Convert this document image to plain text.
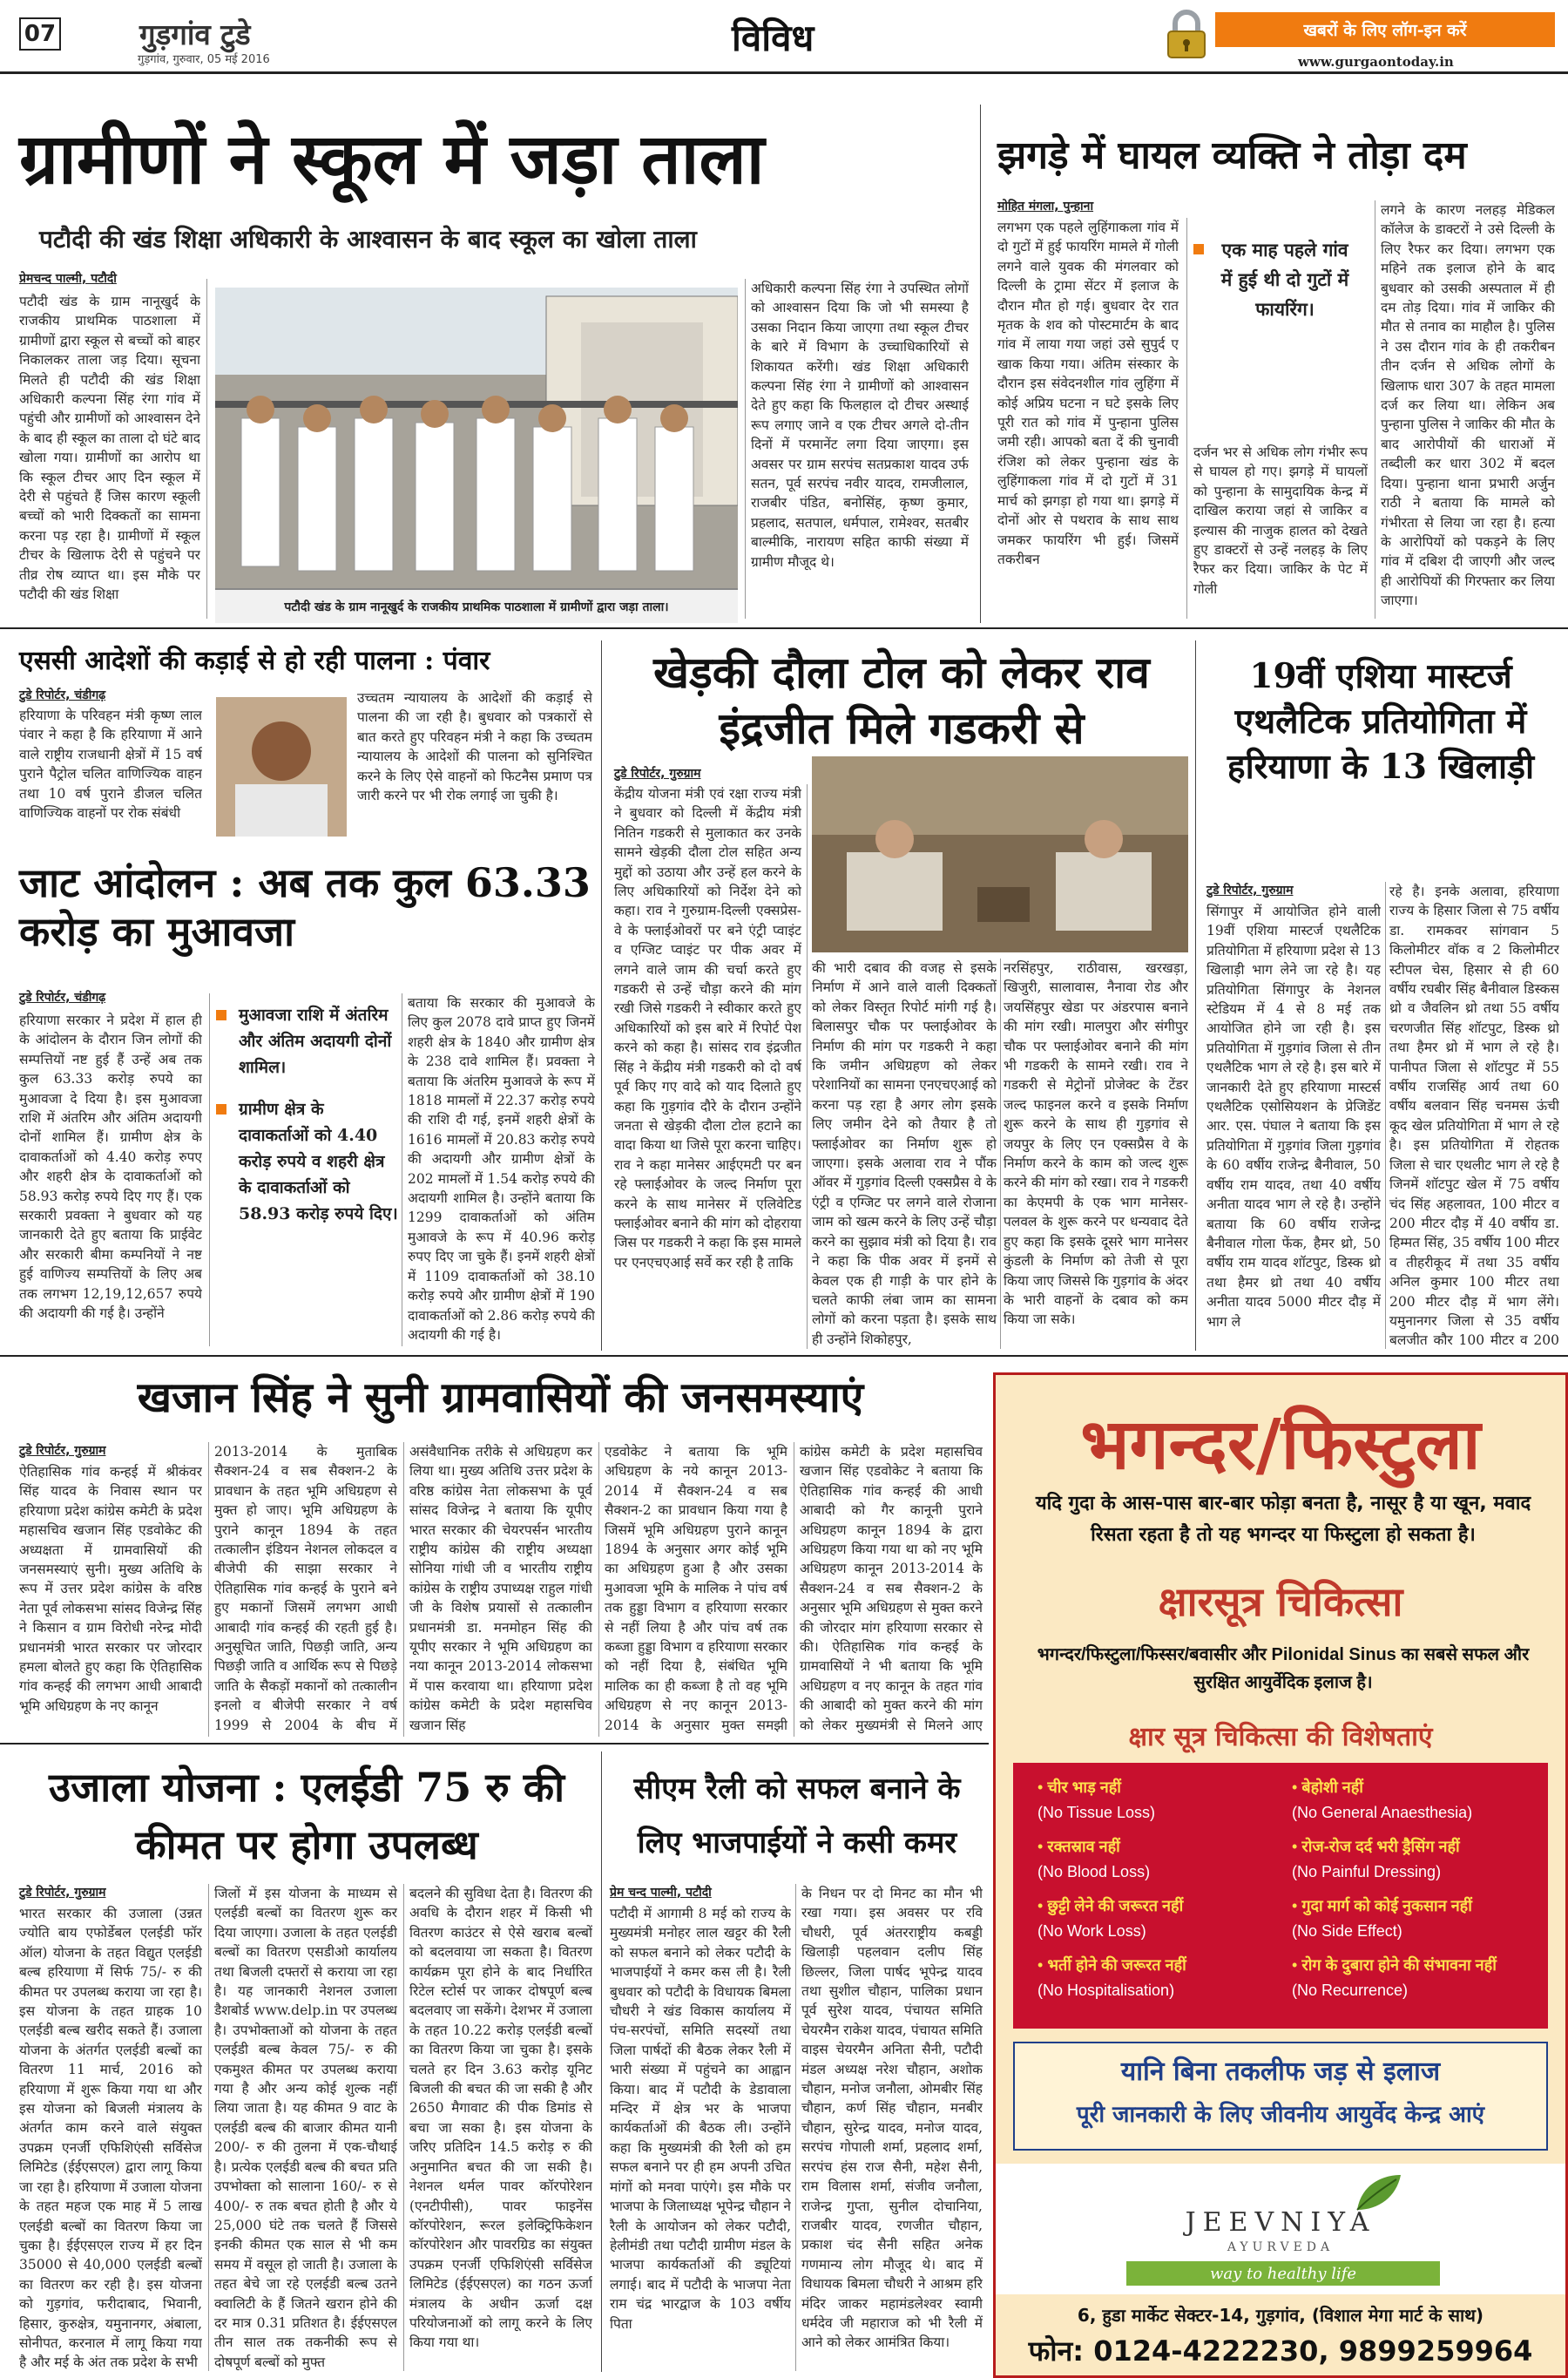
07	गुड़गांव टुडे
गुड़गांव, गुरुवार, 05 मई 2016
विविध	खबरों के लिए लॉग-इन करें
www.gurgaontoday.in
ग्रामीणों ने स्कूल में जड़ा ताला
पटौदी की खंड शिक्षा अधिकारी के आश्वासन के बाद स्कूल का खोला ताला
प्रेमचन्द पाल्मी, पटौदी
पटौदी खंड के ग्राम नानूखुर्द के राजकीय प्राथमिक पाठशाला में ग्रामीणों द्वारा स्कूल से बच्चों को बाहर निकालकर ताला जड़ दिया। सूचना मिलते ही पटौदी की खंड शिक्षा अधिकारी कल्पना सिंह रंगा गांव में पहुंची और ग्रामीणों को आश्वासन देने के बाद ही स्कूल का ताला दो घंटे बाद खोला गया। ग्रामीणों का आरोप था कि स्कूल टीचर आए दिन स्कूल में देरी से पहुंचते हैं जिस कारण स्कूली बच्चों को भारी दिक्कतों का सामना करना पड़ रहा है। ग्रामीणों में स्कूल टीचर के खिलाफ देरी से पहुंचने पर तीव्र रोष व्याप्त था। इस मौके पर पटौदी की खंड शिक्षा
पटौदी खंड के ग्राम नानूखुर्द के राजकीय प्राथमिक पाठशाला में ग्रामीणों द्वारा जड़ा ताला।
अधिकारी कल्पना सिंह रंगा ने उपस्थित लोगों को आश्वासन दिया कि जो भी समस्या है उसका निदान किया जाएगा तथा स्कूल टीचर के बारे में विभाग के उच्चाधिकारियों से शिकायत करेंगी। खंड शिक्षा अधिकारी कल्पना सिंह रंगा ने ग्रामीणों को आश्वासन देते हुए कहा कि फिलहाल दो टीचर अस्थाई रूप लगाए जाने व एक टीचर अगले दो-तीन दिनों में परमानेंट लगा दिया जाएगा। इस अवसर पर ग्राम सरपंच सतप्रकाश यादव उर्फ सतन, पूर्व सरपंच नवीर यादव, रामजीलाल, राजबीर पंडित, बनोसिंह, कृष्ण कुमार, प्रहलाद, सतपाल, धर्मपाल, रामेश्वर, सतबीर बाल्मीकि, नारायण सहित काफी संख्या में ग्रामीण मौजूद थे।
झगड़े में घायल व्यक्ति ने तोड़ा दम
मोहित मंगला, पुन्हाना
लगभग एक पहले लुहिंगाकला गांव में दो गुटों में हुई फायरिंग मामले में गोली लगने वाले युवक की मंगलवार को दिल्ली के ट्रामा सेंटर में इलाज के दौरान मौत हो गई। बुधवार देर रात मृतक के शव को पोस्टमार्टम के बाद गांव में लाया गया जहां उसे सुपुर्द ए खाक किया गया। अंतिम संस्कार के दौरान इस संवेदनशील गांव लुहिंगा में कोई अप्रिय घटना न घटे इसके लिए पूरी रात को गांव में पुन्हाना पुलिस जमी रही। आपको बता दें की चुनावी रंजिश को लेकर पुन्हाना खंड के लुहिंगाकला गांव में दो गुटों में 31 मार्च को झगड़ा हो गया था। झगड़े में दोनों ओर से पथराव के साथ साथ जमकर फायरिंग भी हुई। जिसमें तकरीबन
एक माह पहले गांव में हुई थी दो गुटों में फायरिंग।
दर्जन भर से अधिक लोग गंभीर रूप से घायल हो गए। झगड़े में घायलों को पुन्हाना के सामुदायिक केन्द्र में दाखिल कराया जहां से जाकिर व इल्यास की नाजुक हालत को देखते हुए डाक्टरों से उन्हें नलहड़ के लिए रैफर कर दिया। जाकिर के पेट में गोली
लगने के कारण नलहड़ मेडिकल कॉलेज के डाक्टरों ने उसे दिल्ली के लिए रैफर कर दिया। लगभग एक महिने तक इलाज होने के बाद बुधवार को उसकी अस्पताल में ही दम तोड़ दिया। गांव में जाकिर की मौत से तनाव का माहौल है। पुलिस ने उस दौरान गांव के ही तकरीबन तीन दर्जन से अधिक लोगों के खिलाफ धारा 307 के तहत मामला दर्ज कर लिया था। लेकिन अब पुन्हाना पुलिस ने जाकिर की मौत के बाद आरोपीयों की धाराओं में तब्दीली कर धारा 302 में बदल दिया। पुन्हाना थाना प्रभारी अर्जुन राठी ने बताया कि मामले को गंभीरता से लिया जा रहा है। हत्या के आरोपियों को पकड़ने के लिए गांव में दबिश दी जाएगी और जल्द ही आरोपियों की गिरफ्तार कर लिया जाएगा।
एससी आदेशों की कड़ाई से हो रही पालना : पंवार
टुडे रिपोर्टर, चंडीगढ़
हरियाणा के परिवहन मंत्री कृष्ण लाल पंवार ने कहा है कि हरियाणा में आने वाले राष्ट्रीय राजधानी क्षेत्रों में 15 वर्ष पुराने पैट्रोल चलित वाणिज्यिक वाहन तथा 10 वर्ष पुराने डीजल चलित वाणिज्यिक वाहनों पर रोक संबंधी
उच्चतम न्यायालय के आदेशों की कड़ाई से पालना की जा रही है। बुधवार को पत्रकारों से बात करते हुए परिवहन मंत्री ने कहा कि उच्चतम न्यायालय के आदेशों की पालना को सुनिश्चित करने के लिए ऐसे वाहनों को फिटनैस प्रमाण पत्र जारी करने पर भी रोक लगाई जा चुकी है।
जाट आंदोलन : अब तक कुल 63.33 करोड़ का मुआवजा
टुडे रिपोर्टर, चंडीगढ़
हरियाणा सरकार ने प्रदेश में हाल ही के आंदोलन के दौरान जिन लोगों की सम्पत्तियों नष्ट हुई हैं उन्हें अब तक कुल 63.33 करोड़ रुपये का मुआवजा दे दिया है। इस मुआवजा राशि में अंतरिम और अंतिम अदायगी दोनों शामिल हैं। ग्रामीण क्षेत्र के दावाकर्ताओं को 4.40 करोड़ रुपए और शहरी क्षेत्र के दावाकर्ताओं को 58.93 करोड़ रुपये दिए गए हैं। एक सरकारी प्रवक्ता ने बुधवार को यह जानकारी देते हुए बताया कि प्राईवेट और सरकारी बीमा कम्पनियों ने नष्ट हुई वाणिज्य सम्पत्तियों के लिए अब तक लगभग 12,19,12,657 रुपये की अदायगी की गई है। उन्होंने
मुआवजा राशि में अंतरिम और अंतिम अदायगी दोनों शामिल।
ग्रामीण क्षेत्र के दावाकर्ताओं को 4.40 करोड़ रुपये व शहरी क्षेत्र के दावाकर्ताओं को 58.93 करोड़ रुपये दिए।
बताया कि सरकार की मुआवजे के लिए कुल 2078 दावे प्राप्त हुए जिनमें शहरी क्षेत्र के 1840 और ग्रामीण क्षेत्र के 238 दावे शामिल हैं। प्रवक्ता ने बताया कि अंतरिम मुआवजे के रूप में 1818 मामलों में 22.37 करोड़ रुपये की राशि दी गई, इनमें शहरी क्षेत्रों के 1616 मामलों में 20.83 करोड़ रुपये की अदायगी और ग्रामीण क्षेत्रों के 202 मामलों में 1.54 करोड़ रुपये की अदायगी शामिल है। उन्होंने बताया कि 1299 दावाकर्ताओं को अंतिम मुआवजे के रूप में 40.96 करोड़ रुपए दिए जा चुके हैं। इनमें शहरी क्षेत्रों में 1109 दावाकर्ताओं को 38.10 करोड़ रुपये और ग्रामीण क्षेत्रों में 190 दावाकर्ताओं को 2.86 करोड़ रुपये की अदायगी की गई है।
खेड़की दौला टोल को लेकर राव इंद्रजीत मिले गडकरी से
टुडे रिपोर्टर, गुरुग्राम
केंद्रीय योजना मंत्री एवं रक्षा राज्य मंत्री ने बुधवार को दिल्ली में केंद्रीय मंत्री नितिन गडकरी से मुलाकात कर उनके सामने खेड़की दौला टोल सहित अन्य मुद्दों को उठाया और उन्हें हल करने के लिए अधिकारियों को निर्देश देने को कहा। राव ने गुरुग्राम-दिल्ली एक्सप्रेस-वे के फ्लाईओवरों पर बने एंट्री प्वाइंट व एग्जिट प्वाइंट पर पीक अवर में लगने वाले जाम की चर्चा करते हुए गडकरी से उन्हें चौड़ा करने की मांग रखी जिसे गडकरी ने स्वीकार करते हुए अधिकारियों को इस बारे में रिपोर्ट पेश करने को कहा है। सांसद राव इंद्रजीत सिंह ने केंद्रीय मंत्री गडकरी को दो वर्ष पूर्व किए गए वादे को याद दिलाते हुए कहा कि गुड़गांव दौरे के दौरान उन्होंने जनता से खेड़की दौला टोल हटाने का वादा किया था जिसे पूरा करना चाहिए। राव ने कहा मानेसर आईएमटी पर बन रहे फ्लाईओवर के जल्द निर्माण पूरा करने के साथ मानेसर में एलिवेटिड फ्लाईओवर बनाने की मांग को दोहराया जिस पर गडकरी ने कहा कि इस मामले पर एनएचएआई सर्वे कर रही है ताकि
की भारी दबाव की वजह से इसके निर्माण में आने वाले वाली दिक्कतों को लेकर विस्तृत रिपोर्ट मांगी गई है। बिलासपुर चौक पर फ्लाईओवर के निर्माण की मांग पर गडकरी ने कहा कि जमीन अधिग्रहण को लेकर परेशानियों का सामना एनएचएआई को करना पड़ रहा है अगर लोग इसके लिए जमीन देने को तैयार है तो फ्लाईओवर का निर्माण शुरू हो जाएगा। इसके अलावा राव ने पौंक ऑवर में गुड़गांव दिल्ली एक्सप्रैस वे के एंट्री व एग्जिट पर लगने वाले रोजाना जाम को खत्म करने के लिए उन्हें चौड़ा करने का सुझाव मंत्री को दिया है। राव ने कहा कि पीक अवर में इनमें से केवल एक ही गाड़ी के पार होने के चलते काफी लंबा जाम का सामना लोगों को करना पड़ता है। इसके साथ ही उन्होंने शिकोहपुर,
नरसिंहपुर, राठीवास, खरखड़ा, खिजुरी, सालावास, नैनावा रोड और जयसिंहपुर खेडा पर अंडरपास बनाने की मांग रखी। मालपुरा और संगीपुर चौक पर फ्लाईओवर बनाने की मांग भी गडकरी के सामने रखी। राव ने गडकरी से मेट्रोनों प्रोजेक्ट के टेंडर जल्द फाइनल करने व इसके निर्माण शुरू करने के साथ ही गुड़गांव से जयपुर के लिए एन एक्सप्रैस वे के निर्माण करने के काम को जल्द शुरू करने की मांग को रखा। राव ने गडकरी का केएमपी के एक भाग मानेसर-पलवल के शुरू करने पर धन्यवाद देते हुए कहा कि इसके दूसरे भाग मानेसर कुंडली के निर्माण को तेजी से पूरा किया जाए जिससे कि गुड़गांव के अंदर के भारी वाहनों के दबाव को कम किया जा सके।
19वीं एशिया मास्टर्ज एथलैटिक प्रतियोगिता में हरियाणा के 13 खिलाड़ी
टुडे रिपोर्टर, गुरुग्राम
सिंगापुर में आयोजित होने वाली 19वीं एशिया मास्टर्ज एथलैटिक प्रतियोगिता में हरियाणा प्रदेश से 13 खिलाड़ी भाग लेने जा रहे है। यह प्रतियोगिता सिंगापुर के नेशनल स्टेडियम में 4 से 8 मई तक आयोजित होने जा रही है। इस प्रतियोगिता में गुड़गांव जिला से तीन एथलैटिक भाग ले रहे है। इस बारे में जानकारी देते हुए हरियाणा मास्टर्स एथलैटिक एसोसियशन के प्रेजिडेंट आर. एस. पंघाल ने बताया कि इस प्रतियोगिता में गुड़गांव जिला गुड़गांव के 60 वर्षीय राजेन्द्र बैनीवाल, 50 वर्षीय राम यादव, तथा 40 वर्षीय अनीता यादव भाग ले रहे है। उन्होंने बताया कि 60 वर्षीय राजेन्द्र बैनीवाल गोला फेंक, हैमर थ्रो, 50 वर्षीय राम यादव शॉटपुट, डिस्क थ्रो तथा हैमर थ्रो तथा 40 वर्षीय अनीता यादव 5000 मीटर दौड़ में भाग ले
रहे है। इनके अलावा, हरियाणा राज्य के हिसार जिला से 75 वर्षीय डा. रामकवर सांगवान 5 किलोमीटर वॉक व 2 किलोमीटर स्टीपल चेस, हिसार से ही 60 वर्षीय रघबीर सिंह बैनीवाल डिस्कस थ्रो व जैवलिन थ्रो तथा 55 वर्षीय चरणजीत सिंह शॉटपुट, डिस्क थ्रो तथा हैमर थ्रो में भाग ले रहे है। पानीपत जिला से शॉटपुट में 55 वर्षीय राजसिंह आर्य तथा 60 वर्षीय बलवान सिंह चनमस ऊंची कूद खेल प्रतियोगिता में भाग ले रहे है। इस प्रतियोगिता में रोहतक जिला से चार एथलीट भाग ले रहे है जिनमें शॉटपुट खेल में 75 वर्षीय चंद सिंह अहलावत, 100 मीटर व 200 मीटर दौड़ में 40 वर्षीय डा. हिम्मत सिंह, 35 वर्षीय 100 मीटर व तीहरीकूद में तथा 35 वर्षीय अनिल कुमार 100 मीटर तथा 200 मीटर दौड़ में भाग लेंगे। यमुनानगर जिला से 35 वर्षीय बलजीत कौर 100 मीटर व 200
खजान सिंह ने सुनी ग्रामवासियों की जनसमस्याएं
टुडे रिपोर्टर, गुरुग्राम
ऐतिहासिक गांव कन्हई में श्रीकंवर सिंह यादव के निवास स्थान पर हरियाणा प्रदेश कांग्रेस कमेटी के प्रदेश महासचिव खजान सिंह एडवोकेट की अध्यक्षता में ग्रामवासियों की जनसमस्याएं सुनी। मुख्य अतिथि के रूप में उत्तर प्रदेश कांग्रेस के वरिष्ठ नेता पूर्व लोकसभा सांसद विजेन्द्र सिंह ने किसान व ग्राम विरोधी नरेन्द्र मोदी प्रधानमंत्री भारत सरकार पर जोरदार हमला बोलते हुए कहा कि ऐतिहासिक गांव कन्हई की लगभग आधी आबादी भूमि अधिग्रहण के नए कानून
2013-2014 के मुताबिक सैक्शन-24 व सब सैक्शन-2 के प्रावधान के तहत भूमि अधिग्रहण से मुक्त हो जाए। भूमि अधिग्रहण के पुराने कानून 1894 के तहत तत्कालीन इंडियन नेशनल लोकदल व बीजेपी की साझा सरकार ने ऐतिहासिक गांव कन्हई के पुराने बने हुए मकानों जिसमें लगभग आधी आबादी गांव कन्हई की रहती हुई है। अनुसूचित जाति, पिछड़ी जाति, अन्य पिछड़ी जाति व आर्थिक रूप से पिछड़े जाति के सैकड़ों मकानों को तत्कालीन इनलो व बीजेपी सरकार ने वर्ष 1999 से 2004 के बीच में
असंवैधानिक तरीके से अधिग्रहण कर लिया था। मुख्य अतिथि उत्तर प्रदेश के वरिष्ठ कांग्रेस नेता लोकसभा के पूर्व सांसद विजेन्द्र ने बताया कि यूपीए भारत सरकार की चेयरपर्सन भारतीय राष्ट्रीय कांग्रेस की राष्ट्रीय अध्यक्षा सोनिया गांधी जी व भारतीय राष्ट्रीय कांग्रेस के राष्ट्रीय उपाध्यक्ष राहुल गांधी जी के विशेष प्रयासों से तत्कालीन प्रधानमंत्री डा. मनमोहन सिंह की यूपीए सरकार ने भूमि अधिग्रहण का नया कानून 2013-2014 लोकसभा में पास करवाया था। हरियाणा प्रदेश कांग्रेस कमेटी के प्रदेश महासचिव खजान सिंह
एडवोकेट ने बताया कि भूमि अधिग्रहण के नये कानून 2013-2014 में सैक्शन-24 व सब सैक्शन-2 का प्रावधान किया गया है जिसमें भूमि अधिग्रहण पुराने कानून 1894 के अनुसार अगर कोई भूमि का अधिग्रहण हुआ है और उसका मुआवजा भूमि के मालिक ने पांच वर्ष तक हुड्डा विभाग व हरियाणा सरकार से नहीं लिया है और पांच वर्ष तक कब्जा हुड्डा विभाग व हरियाणा सरकार को नहीं दिया है, संबंधित भूमि मालिक का ही कब्जा है तो वह भूमि अधिग्रहण से नए कानून 2013-2014 के अनुसार मुक्त समझी
कांग्रेस कमेटी के प्रदेश महासचिव खजान सिंह एडवोकेट ने बताया कि ऐतिहासिक गांव कन्हई की आधी आबादी को गैर कानूनी पुराने अधिग्रहण कानून 1894 के द्वारा अधिग्रहण किया गया था को नए भूमि अधिग्रहण कानून 2013-2014 के सैक्शन-24 व सब सैक्शन-2 के अनुसार भूमि अधिग्रहण से मुक्त करने की जोरदार मांग हरियाणा सरकार से की। ऐतिहासिक गांव कन्हई के ग्रामवासियों ने भी बताया कि भूमि अधिग्रहण व नए कानून के तहत गांव की आबादी को मुक्त करने की मांग को लेकर मुख्यमंत्री से मिलने आए
उजाला योजना : एलईडी 75 रु की कीमत पर होगा उपलब्ध
टुडे रिपोर्टर, गुरुग्राम
भारत सरकार की उजाला (उन्नत ज्योति बाय एफोर्डेबल एलईडी फॉर ऑल) योजना के तहत विद्युत एलईडी बल्ब हरियाणा में सिर्फ 75/- रु की कीमत पर उपलब्ध कराया जा रहा है। इस योजना के तहत ग्राहक 10 एलईडी बल्ब खरीद सकते हैं। उजाला योजना के अंतर्गत एलईडी बल्बों का वितरण 11 मार्च, 2016 को हरियाणा में शुरू किया गया था और इस योजना को बिजली मंत्रालय के अंतर्गत काम करने वाले संयुक्त उपक्रम एनर्जी एफिशिएंसी सर्विसेज लिमिटेड (ईईएसएल) द्वारा लागू किया जा रहा है। हरियाणा में उजाला योजना के तहत महज एक माह में 5 लाख एलईडी बल्बों का वितरण किया जा चुका है। ईईएसएल राज्य में हर दिन 35000 से 40,000 एलईडी बल्बों का वितरण कर रही है। इस योजना को गुड़गांव, फरीदाबाद, भिवानी, हिसार, कुरुक्षेत्र, यमुनानगर, अंबाला, सोनीपत, करनाल में लागू किया गया है और मई के अंत तक प्रदेश के सभी
जिलों में इस योजना के माध्यम से एलईडी बल्बों का वितरण शुरू कर दिया जाएगा। उजाला के तहत एलईडी बल्बों का वितरण एसडीओ कार्यालय तथा बिजली दफ्तरों से कराया जा रहा है। यह जानकारी नेशनल उजाला डैशबोर्ड www.delp.in पर उपलब्ध है। उपभोक्ताओं को योजना के तहत एलईडी बल्ब केवल 75/- रु की एकमुश्त कीमत पर उपलब्ध कराया गया है और अन्य कोई शुल्क नहीं लिया जाता है। यह कीमत 9 वाट के एलईडी बल्ब की बाजार कीमत यानी 200/- रु की तुलना में एक-चौथाई है। प्रत्येक एलईडी बल्ब की बचत प्रति उपभोक्ता को सालाना 160/- रु से 400/- रु तक बचत होती है और ये 25,000 घंटे तक चलते हैं जिससे इनकी कीमत एक साल से भी कम समय में वसूल हो जाती है। उजाला के तहत बेचे जा रहे एलईडी बल्ब उतने क्वालिटी के हैं जितने खरान होने की दर मात्र 0.31 प्रतिशत है। ईईएसएल तीन साल तक तकनीकी रूप से दोषपूर्ण बल्बों को मुफ्त
बदलने की सुविधा देता है। वितरण की अवधि के दौरान शहर में किसी भी वितरण काउंटर से ऐसे खराब बल्बों को बदलवाया जा सकता है। वितरण कार्यक्रम पूरा होने के बाद निर्धारित रिटेल स्टोर्स पर जाकर दोषपूर्ण बल्ब बदलवाए जा सकेंगे। देशभर में उजाला के तहत 10.22 करोड़ एलईडी बल्बों का वितरण किया जा चुका है। इसके चलते हर दिन 3.63 करोड़ यूनिट बिजली की बचत की जा सकी है और 2650 मैगावाट की पीक डिमांड से बचा जा सका है। इस योजना के जरिए प्रतिदिन 14.5 करोड़ रु की अनुमानित बचत की जा सकी है। नेशनल थर्मल पावर कॉरपोरेशन (एनटीपीसी), पावर फाइनेंस कॉरपोरेशन, रूरल इलेक्ट्रिफिकेशन कॉरपोरेशन और पावरग्रिड का संयुक्त उपक्रम एनर्जी एफिशिएंसी सर्विसेज लिमिटेड (ईईएसएल) का गठन ऊर्जा मंत्रालय के अधीन ऊर्जा दक्ष परियोजनाओं को लागू करने के लिए किया गया था।
सीएम रैली को सफल बनाने के लिए भाजपाईयों ने कसी कमर
प्रेम चन्द पाल्मी, पटौदी
पटौदी में आगामी 8 मई को राज्य के मुख्यमंत्री मनोहर लाल खट्टर की रैली को सफल बनाने को लेकर पटौदी के भाजपाईयों ने कमर कस ली है। रैली बुधवार को पटौदी के विधायक बिमला चौधरी ने खंड विकास कार्यालय में पंच-सरपंचों, समिति सदस्यों तथा जिला पार्षदों की बैठक लेकर रैली में भारी संख्या में पहुंचने का आह्वान किया। बाद में पटौदी के डेडावाला मन्दिर में क्षेत्र भर के भाजपा कार्यकर्ताओं की बैठक ली। उन्होंने कहा कि मुख्यमंत्री की रैली को हम सफल बनाने पर ही हम अपनी उचित मांगों को मनवा पाएंगे। इस मौके पर भाजपा के जिलाध्यक्ष भूपेन्द्र चौहान ने रैली के आयोजन को लेकर पटौदी, हेलीमंडी तथा पटौदी ग्रामीण मंडल के भाजपा कार्यकर्ताओं की ड्यूटियां लगाई। बाद में पटौदी के भाजपा नेता राम चंद्र भारद्वाज के 103 वर्षीय पिता
के निधन पर दो मिनट का मौन भी रखा गया। इस अवसर पर रवि चौधरी, पूर्व अंतरराष्ट्रीय कबड्डी खिलाड़ी पहलवान दलीप सिंह छिल्लर, जिला पार्षद भूपेन्द्र यादव तथा सुशील चौहान, पालिका प्रधान पूर्व सुरेश यादव, पंचायत समिति चेयरमैन राकेश यादव, पंचायत समिति वाइस चेयरमैन अनिता सैनी, पटौदी मंडल अध्यक्ष नरेश चौहान, अशोक चौहान, मनोज जनौला, ओमबीर सिंह चौहान, कर्ण सिंह चौहान, मनबीर चौहान, सुरेन्द्र यादव, मनोज यादव, सरपंच गोपाली शर्मा, प्रहलाद शर्मा, सरपंच हंस राज सैनी, महेश सैनी, राम विलास शर्मा, संजीव जनौला, राजेन्द्र गुप्ता, सुनील दोचानिया, राजबीर यादव, रणजीत चौहान, प्रकाश चंद सैनी सहित अनेक गणमान्य लोग मौजूद थे। बाद में विधायक बिमला चौधरी ने आश्रम हरि मंदिर जाकर महामंडलेश्वर स्वामी धर्मदेव जी महाराज को भी रैली में आने को लेकर आमंत्रित किया।
भगन्दर/फिस्टुला
यदि गुदा के आस-पास बार-बार फोड़ा बनता है, नासूर है या खून, मवाद रिसता रहता है तो यह भगन्दर या फिस्टुला हो सकता है।
क्षारसूत्र चिकित्सा
भगन्दर/फिस्टुला/फिस्सर/बवासीर और Pilonidal Sinus का सबसे सफल और सुरक्षित आयुर्वेदिक इलाज है।
क्षार सूत्र चिकित्सा की विशेषताएं
• चीर भाड़ नहीं
(No Tissue Loss)
• रक्तस्राव नहीं
(No Blood Loss)
• छुट्टी लेने की जरूरत नहीं
(No Work Loss)
• भर्ती होने की जरूरत नहीं
(No Hospitalisation)
• बेहोशी नहीं
(No General Anaesthesia)
• रोज-रोज दर्द भरी ड्रैसिंग नहीं
(No Painful Dressing)
• गुदा मार्ग को कोई नुकसान नहीं
(No Side Effect)
• रोग के दुबारा होने की संभावना नहीं
(No Recurrence)
यानि बिना तकलीफ जड़ से इलाज
पूरी जानकारी के लिए जीवनीय आयुर्वेद केन्द्र आएं
JEEVNIYA
AYURVEDA
way to healthy life
6, हुडा मार्केट सेक्टर-14, गुड़गांव, (विशाल मेगा मार्ट के साथ)
फोन: 0124-4222230, 9899259964
